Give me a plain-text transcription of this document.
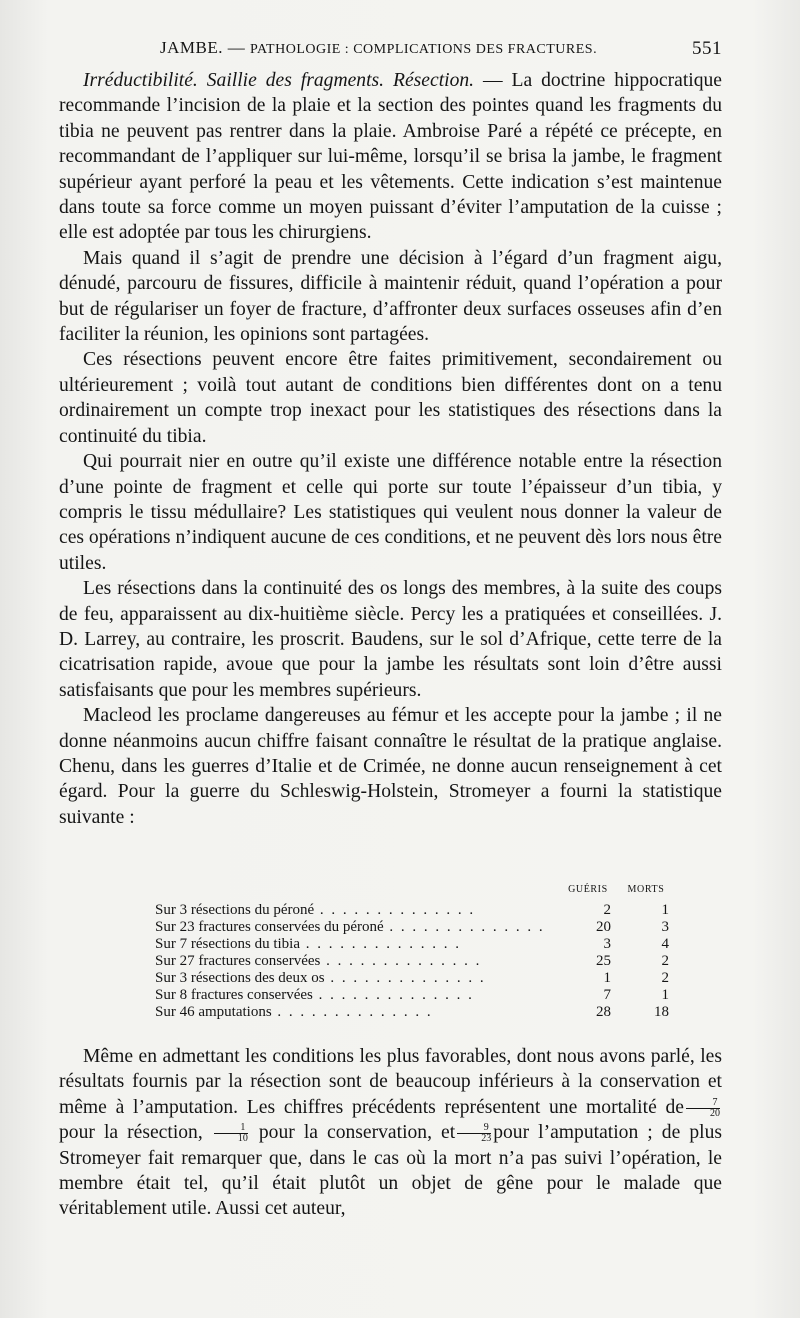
JAMBE. — PATHOLOGIE : COMPLICATIONS DES FRACTURES.	551

Irréductibilité. Saillie des fragments. Résection. — La doctrine hippocratique recommande l’incision de la plaie et la section des pointes quand les fragments du tibia ne peuvent pas rentrer dans la plaie. Ambroise Paré a répété ce précepte, en recommandant de l’appliquer sur lui-même, lorsqu’il se brisa la jambe, le fragment supérieur ayant perforé la peau et les vêtements. Cette indication s’est maintenue dans toute sa force comme un moyen puissant d’éviter l’amputation de la cuisse ; elle est adoptée par tous les chirurgiens.

Mais quand il s’agit de prendre une décision à l’égard d’un fragment aigu, dénudé, parcouru de fissures, difficile à maintenir réduit, quand l’opération a pour but de régulariser un foyer de fracture, d’affronter deux surfaces osseuses afin d’en faciliter la réunion, les opinions sont partagées.

Ces résections peuvent encore être faites primitivement, secondairement ou ultérieurement ; voilà tout autant de conditions bien différentes dont on a tenu ordinairement un compte trop inexact pour les statistiques des résections dans la continuité du tibia.

Qui pourrait nier en outre qu’il existe une différence notable entre la résection d’une pointe de fragment et celle qui porte sur toute l’épaisseur d’un tibia, y compris le tissu médullaire? Les statistiques qui veulent nous donner la valeur de ces opérations n’indiquent aucune de ces conditions, et ne peuvent dès lors nous être utiles.

Les résections dans la continuité des os longs des membres, à la suite des coups de feu, apparaissent au dix-huitième siècle. Percy les a pratiquées et conseillées. J. D. Larrey, au contraire, les proscrit. Baudens, sur le sol d’Afrique, cette terre de la cicatrisation rapide, avoue que pour la jambe les résultats sont loin d’être aussi satisfaisants que pour les membres supérieurs.

Macleod les proclame dangereuses au fémur et les accepte pour la jambe ; il ne donne néanmoins aucun chiffre faisant connaître le résultat de la pratique anglaise. Chenu, dans les guerres d’Italie et de Crimée, ne donne aucun renseignement à cet égard. Pour la guerre du Schleswig-Holstein, Stromeyer a fourni la statistique suivante :

	GUÉRIS	MORTS
Sur 3 résections du péroné . . .	2	1
Sur 23 fractures conservées du péroné . . .	20	3
Sur 7 résections du tibia . . .	3	4
Sur 27 fractures conservées . . .	25	2
Sur 3 résections des deux os . . .	1	2
Sur 8 fractures conservées . . .	7	1
Sur 46 amputations . . .	28	18

Même en admettant les conditions les plus favorables, dont nous avons parlé, les résultats fournis par la résection sont de beaucoup inférieurs à la conservation et même à l’amputation. Les chiffres précédents représentent une mortalité de $\frac{7}{20}$
pour la résection, $\frac{1}{10}$ pour la conservation, et $\frac{9}{23}$ pour l’amputation ; de plus Stromeyer fait remarquer que, dans le cas où la mort n’a pas suivi l’opération, le membre était tel, qu’il était plutôt un objet de gêne pour le malade que véritablement utile. Aussi cet auteur,
